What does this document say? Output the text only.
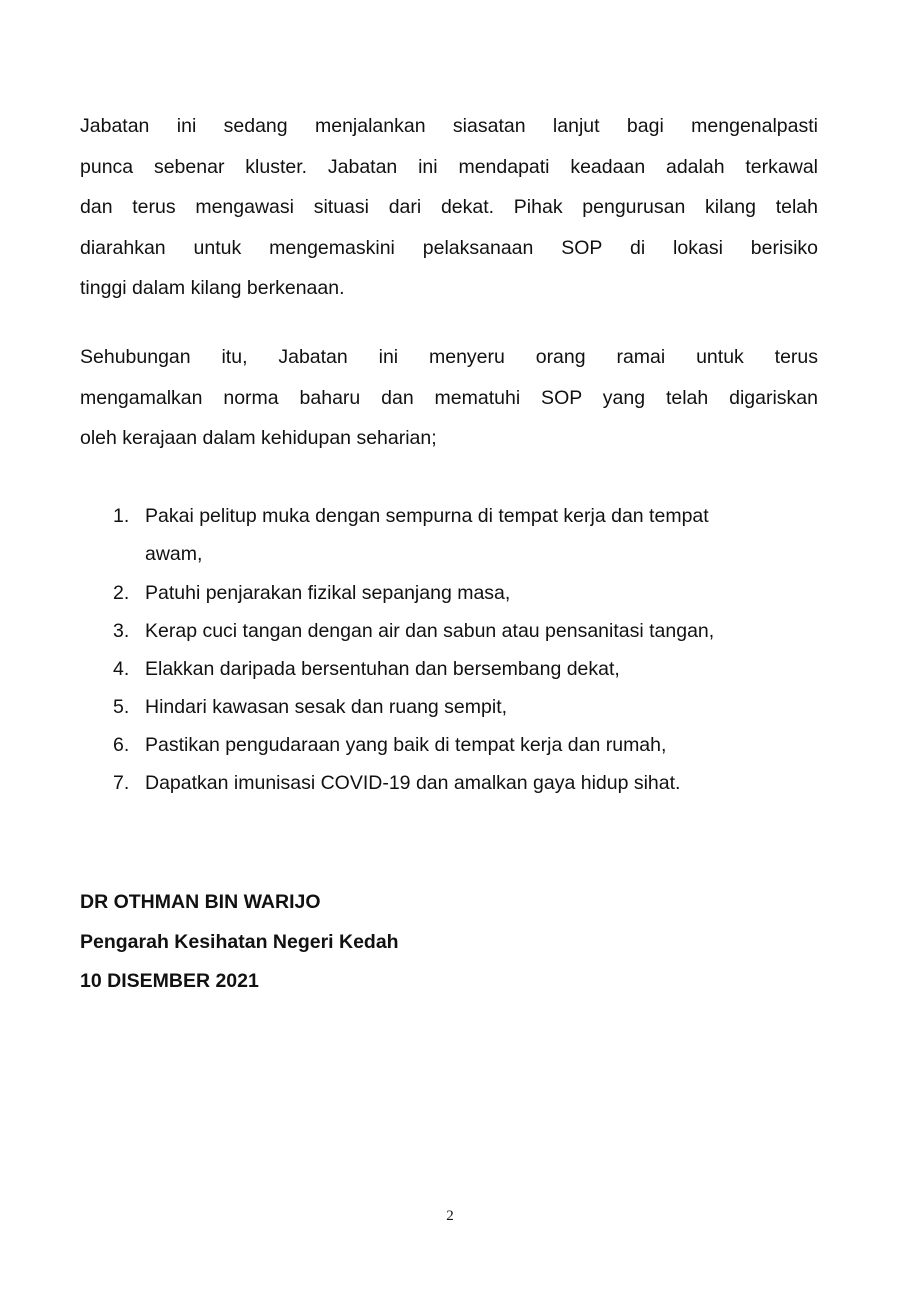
Jabatan ini sedang menjalankan siasatan lanjut bagi mengenalpasti
punca sebenar kluster. Jabatan ini mendapati keadaan adalah terkawal
dan terus mengawasi situasi dari dekat. Pihak pengurusan kilang telah
diarahkan untuk mengemaskini pelaksanaan SOP di lokasi berisiko
tinggi dalam kilang berkenaan.
Sehubungan itu, Jabatan ini menyeru orang ramai untuk terus
mengamalkan norma baharu dan mematuhi SOP yang telah digariskan
oleh kerajaan dalam kehidupan seharian;
1. Pakai pelitup muka dengan sempurna di tempat kerja dan tempat
awam,
2. Patuhi penjarakan fizikal sepanjang masa,
3. Kerap cuci tangan dengan air dan sabun atau pensanitasi tangan,
4. Elakkan daripada bersentuhan dan bersembang dekat,
5. Hindari kawasan sesak dan ruang sempit,
6. Pastikan pengudaraan yang baik di tempat kerja dan rumah,
7. Dapatkan imunisasi COVID-19 dan amalkan gaya hidup sihat.
DR OTHMAN BIN WARIJO
Pengarah Kesihatan Negeri Kedah
10 DISEMBER 2021
2
